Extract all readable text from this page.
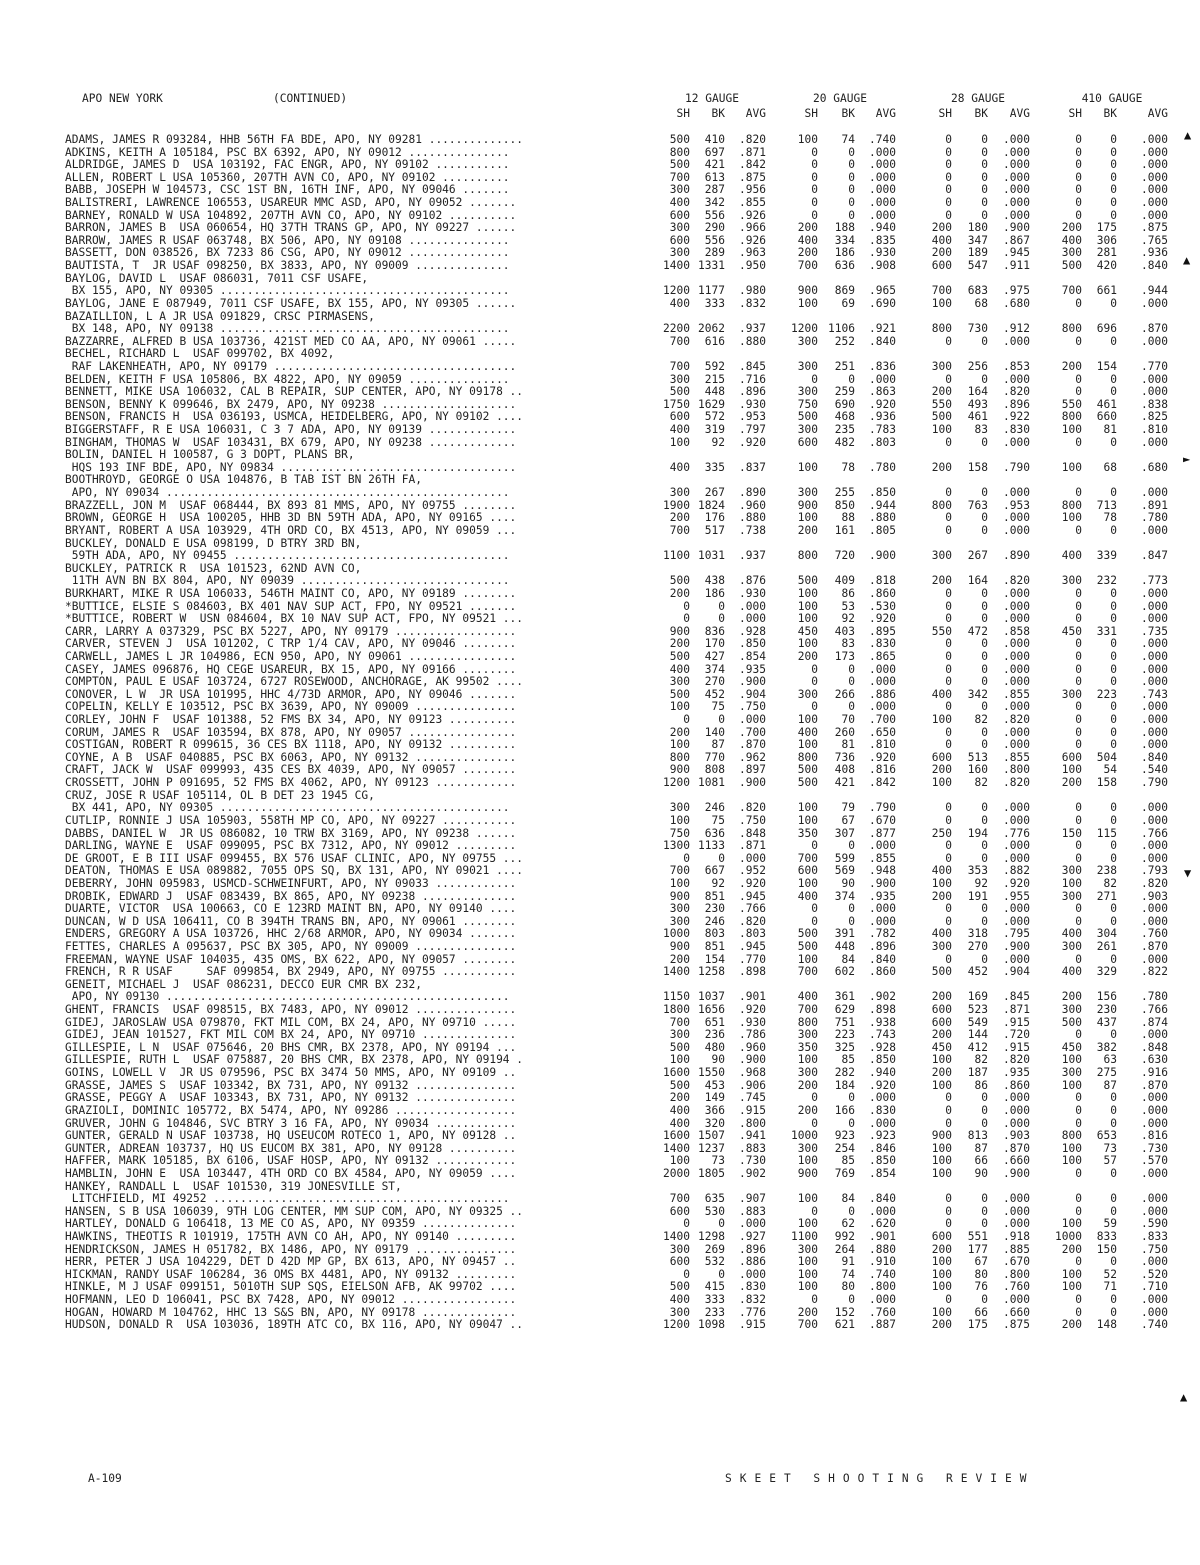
APO NEW YORK	(CONTINUED)	12 GAUGE	20 GAUGE	28 GAUGE	410 GAUGE
SH	BK	AVG	SH	BK	AVG	SH	BK	AVG	SH	BK	AVG
ADAMS, JAMES R 093284, HHB 56TH FA BDE, APO, NY 09281 ..............	500	410	.820	100	74	.740	0	0	.000	0	0	.000
ADKINS, KEITH A 105184, PSC BX 6392, APO, NY 09012 ...............	800	697	.871	0	0	.000	0	0	.000	0	0	.000
ALDRIDGE, JAMES D  USA 103192, FAC ENGR, APO, NY 09102 ...........	500	421	.842	0	0	.000	0	0	.000	0	0	.000
ALLEN, ROBERT L USA 105360, 207TH AVN CO, APO, NY 09102 ..........	700	613	.875	0	0	.000	0	0	.000	0	0	.000
BABB, JOSEPH W 104573, CSC 1ST BN, 16TH INF, APO, NY 09046 .......	300	287	.956	0	0	.000	0	0	.000	0	0	.000
BALISTRERI, LAWRENCE 106553, USAREUR MMC ASD, APO, NY 09052 .......	400	342	.855	0	0	.000	0	0	.000	0	0	.000
BARNEY, RONALD W USA 104892, 207TH AVN CO, APO, NY 09102 ..........	600	556	.926	0	0	.000	0	0	.000	0	0	.000
BARRON, JAMES B  USA 060654, HQ 37TH TRANS GP, APO, NY 09227 ......	300	290	.966	200	188	.940	200	180	.900	200	175	.875
BARROW, JAMES R USAF 063748, BX 506, APO, NY 09108 ...............	600	556	.926	400	334	.835	400	347	.867	400	306	.765
BASSETT, DON 038526, BX 7233 86 CSG, APO, NY 09012 ...............	300	289	.963	200	186	.930	200	189	.945	300	281	.936
BAUTISTA, T  JR USAF 098250, BX 3833, APO, NY 09009 ..............	1400 1331	.950	700	636	.908	600	547	.911	500	420	.840
BAYLOG, DAVID L  USAF 086031, 7011 CSF USAFE,
BX 155, APO, NY 09305 ...........................................	1200 1177	.980	900	869	.965	700	683	.975	700	661	.944
BAYLOG, JANE E 087949, 7011 CSF USAFE, BX 155, APO, NY 09305 ......	400	333	.832	100	69	.690	100	68	.680	0	0	.000
BAZAILLION, L A JR USA 091829, CRSC PIRMASENS,
BX 148, APO, NY 09138 ...........................................	2200 2062	.937	1200 1106	.921	800	730	.912	800	696	.870
BAZZARRE, ALFRED B USA 103736, 421ST MED CO AA, APO, NY 09061 .....	700	616	.880	300	252	.840	0	0	.000	0	0	.000
BECHEL, RICHARD L  USAF 099702, BX 4092,
RAF LAKENHEATH, APO, NY 09179 ....................................	700	592	.845	300	251	.836	300	256	.853	200	154	.770
BELDEN, KEITH F USA 105806, BX 4822, APO, NY 09059 ...............	300	215	.716	0	0	.000	0	0	.000	0	0	.000
BENNETT, MIKE USA 106032, CAL B REPAIR, SUP CENTER, APO, NY 09178 ..	500	448	.896	300	259	.863	200	164	.820	0	0	.000
BENSON, BENNY K 099646, BX 2479, APO, NY 09238 ....................	1750 1629	.930	750	690	.920	550	493	.896	550	461	.838
BENSON, FRANCIS H  USA 036193, USMCA, HEIDELBERG, APO, NY 09102 ....	600	572	.953	500	468	.936	500	461	.922	800	660	.825
BIGGERSTAFF, R E USA 106031, C 3 7 ADA, APO, NY 09139 .............	400	319	.797	300	235	.783	100	83	.830	100	81	.810
BINGHAM, THOMAS W  USAF 103431, BX 679, APO, NY 09238 .............	100	92	.920	600	482	.803	0	0	.000	0	0	.000
BOLIN, DANIEL H 100587, G 3 DOPT, PLANS BR,
HQS 193 INF BDE, APO, NY 09834 ...................................	400	335	.837	100	78	.780	200	158	.790	100	68	.680
BOOTHROYD, GEORGE O USA 104876, B TAB IST BN 26TH FA,
APO, NY 09034 ...................................................	300	267	.890	300	255	.850	0	0	.000	0	0	.000
BRAZZELL, JON M  USAF 068444, BX 893 81 MMS, APO, NY 09755 ........	1900 1824	.960	900	850	.944	800	763	.953	800	713	.891
BROWN, GEORGE H  USA 100205, HHB 3D BN 59TH ADA, APO, NY 09165 ....	200	176	.880	100	88	.880	0	0	.000	100	78	.780
BRYANT, ROBERT A USA 103929, 4TH ORD CO, BX 4513, APO, NY 09059 ...	700	517	.738	200	161	.805	0	0	.000	0	0	.000
BUCKLEY, DONALD E USA 098199, D BTRY 3RD BN,
59TH ADA, APO, NY 09455 .........................................	1100 1031	.937	800	720	.900	300	267	.890	400	339	.847
BUCKLEY, PATRICK R  USA 101523, 62ND AVN CO,
11TH AVN BN BX 804, APO, NY 09039 ...............................	500	438	.876	500	409	.818	200	164	.820	300	232	.773
BURKHART, MIKE R USA 106033, 546TH MAINT CO, APO, NY 09189 ........	200	186	.930	100	86	.860	0	0	.000	0	0	.000
*BUTTICE, ELSIE S 084603, BX 401 NAV SUP ACT, FPO, NY 09521 .......	0	0	.000	100	53	.530	0	0	.000	0	0	.000
*BUTTICE, ROBERT W  USN 084604, BX 10 NAV SUP ACT, FPO, NY 09521 ...	0	0	.000	100	92	.920	0	0	.000	0	0	.000
CARR, LARRY A 037329, PSC BX 5227, APO, NY 09179 ..................	900	836	.928	450	403	.895	550	472	.858	450	331	.735
CARVER, STEVEN J  USA 101202, C TRP 1/4 CAV, APO, NY 09046 ........	200	170	.850	100	83	.830	0	0	.000	0	0	.000
CARWELL, JAMES L JR 104986, ECN 950, APO, NY 09061 ................	500	427	.854	200	173	.865	0	0	.000	0	0	.000
CASEY, JAMES 096876, HQ CEGE USAREUR, BX 15, APO, NY 09166 ........	400	374	.935	0	0	.000	0	0	.000	0	0	.000
COMPTON, PAUL E USAF 103724, 6727 ROSEWOOD, ANCHORAGE, AK 99502 ....	300	270	.900	0	0	.000	0	0	.000	0	0	.000
CONOVER, L W  JR USA 101995, HHC 4/73D ARMOR, APO, NY 09046 .......	500	452	.904	300	266	.886	400	342	.855	300	223	.743
COPELIN, KELLY E 103512, PSC BX 3639, APO, NY 09009 ...............	100	75	.750	0	0	.000	0	0	.000	0	0	.000
CORLEY, JOHN F  USAF 101388, 52 FMS BX 34, APO, NY 09123 ..........	0	0	.000	100	70	.700	100	82	.820	0	0	.000
CORUM, JAMES R  USAF 103594, BX 878, APO, NY 09057 ................	200	140	.700	400	260	.650	0	0	.000	0	0	.000
COSTIGAN, ROBERT R 099615, 36 CES BX 1118, APO, NY 09132 ..........	100	87	.870	100	81	.810	0	0	.000	0	0	.000
COYNE, A B  USAF 040885, PSC BX 6063, APO, NY 09132 ...............	800	770	.962	800	736	.920	600	513	.855	600	504	.840
CRAFT, JACK W  USAF 099993, 435 CES BX 4039, APO, NY 09057 ........	900	808	.897	500	408	.816	200	160	.800	100	54	.540
CROSSETT, JOHN P 091695, 52 FMS BX 4062, APO, NY 09123 ............	1200 1081	.900	500	421	.842	100	82	.820	200	158	.790
CRUZ, JOSE R USAF 105114, OL B DET 23 1945 CG,
BX 441, APO, NY 09305 ...........................................	300	246	.820	100	79	.790	0	0	.000	0	0	.000
CUTLIP, RONNIE J USA 105903, 558TH MP CO, APO, NY 09227 ...........	100	75	.750	100	67	.670	0	0	.000	0	0	.000
DABBS, DANIEL W  JR US 086082, 10 TRW BX 3169, APO, NY 09238 ......	750	636	.848	350	307	.877	250	194	.776	150	115	.766
DARLING, WAYNE E  USAF 099095, PSC BX 7312, APO, NY 09012 .........	1300 1133	.871	0	0	.000	0	0	.000	0	0	.000
DE GROOT, E B III USAF 099455, BX 576 USAF CLINIC, APO, NY 09755 ...	0	0	.000	700	599	.855	0	0	.000	0	0	.000
DEATON, THOMAS E USA 089882, 7055 OPS SQ, BX 131, APO, NY 09021 ....	700	667	.952	600	569	.948	400	353	.882	300	238	.793
DEBERRY, JOHN 095983, USMCD-SCHWEINFURT, APO, NY 09033 ............	100	92	.920	100	90	.900	100	92	.920	100	82	.820
DROBIK, EDWARD J  USAF 083439, BX 865, APO, NY 09238 ..............	900	851	.945	400	374	.935	200	191	.955	300	271	.903
DUARTE, VICTOR  USA 100663, CO E 123RD MAINT BN, APO, NY 09140 ....	300	230	.766	0	0	.000	0	0	.000	0	0	.000
DUNCAN, W D USA 106411, CO B 394TH TRANS BN, APO, NY 09061 ........	300	246	.820	0	0	.000	0	0	.000	0	0	.000
ENDERS, GREGORY A USA 103726, HHC 2/68 ARMOR, APO, NY 09034 .......	1000	803	.803	500	391	.782	400	318	.795	400	304	.760
FETTES, CHARLES A 095637, PSC BX 305, APO, NY 09009 ...............	900	851	.945	500	448	.896	300	270	.900	300	261	.870
FREEMAN, WAYNE USAF 104035, 435 OMS, BX 622, APO, NY 09057 ........	200	154	.770	100	84	.840	0	0	.000	0	0	.000
FRENCH, R R USAF     SAF 099854, BX 2949, APO, NY 09755 ...........	1400 1258	.898	700	602	.860	500	452	.904	400	329	.822
GENEIT, MICHAEL J  USAF 086231, DECCO EUR CMR BX 232,
APO, NY 09130 ...................................................	1150 1037	.901	400	361	.902	200	169	.845	200	156	.780
GHENT, FRANCIS  USAF 098515, BX 7483, APO, NY 09012 ...............	1800 1656	.920	700	629	.898	600	523	.871	300	230	.766
GIDEJ, JAROSLAW USA 079870, FKT MIL COM, BX 24, APO, NY 09710 .....	700	651	.930	800	751	.938	600	549	.915	500	437	.874
GIDEJ, JEAN 101527, FKT MIL COM BX 24, APO, NY 09710 ..............	300	236	.786	300	223	.743	200	144	.720	0	0	.000
GILLESPIE, L N  USAF 075646, 20 BHS CMR, BX 2378, APO, NY 09194 ...	500	480	.960	350	325	.928	450	412	.915	450	382	.848
GILLESPIE, RUTH L  USAF 075887, 20 BHS CMR, BX 2378, APO, NY 09194 .	100	90	.900	100	85	.850	100	82	.820	100	63	.630
GOINS, LOWELL V  JR US 079596, PSC BX 3474 50 MMS, APO, NY 09109 ..	1600 1550	.968	300	282	.940	200	187	.935	300	275	.916
GRASSE, JAMES S  USAF 103342, BX 731, APO, NY 09132 ...............	500	453	.906	200	184	.920	100	86	.860	100	87	.870
GRASSE, PEGGY A  USAF 103343, BX 731, APO, NY 09132 ...............	200	149	.745	0	0	.000	0	0	.000	0	0	.000
GRAZIOLI, DOMINIC 105772, BX 5474, APO, NY 09286 ..................	400	366	.915	200	166	.830	0	0	.000	0	0	.000
GRUVER, JOHN G 104846, SVC BTRY 3 16 FA, APO, NY 09034 ............	400	320	.800	0	0	.000	0	0	.000	0	0	.000
GUNTER, GERALD N USAF 103738, HQ USEUCOM ROTECO 1, APO, NY 09128 ..	1600 1507	.941	1000	923	.923	900	813	.903	800	653	.816
GUNTER, ADREAN 103737, HQ US EUCOM BX 381, APO, NY 09128 ..........	1400 1237	.883	300	254	.846	100	87	.870	100	73	.730
HAFFER, MARK 105185, BX 6106, USAF HOSP, APO, NY 09132 ............	100	73	.730	100	85	.850	100	66	.660	100	57	.570
HAMBLIN, JOHN E  USA 103447, 4TH ORD CO BX 4584, APO, NY 09059 ....	2000 1805	.902	900	769	.854	100	90	.900	0	0	.000
HANKEY, RANDALL L  USAF 101530, 319 JONESVILLE ST,
LITCHFIELD, MI 49252 ............................................	700	635	.907	100	84	.840	0	0	.000	0	0	.000
HANSEN, S B USA 106039, 9TH LOG CENTER, MM SUP COM, APO, NY 09325 ..	600	530	.883	0	0	.000	0	0	.000	0	0	.000
HARTLEY, DONALD G 106418, 13 ME CO AS, APO, NY 09359 ..............	0	0	.000	100	62	.620	0	0	.000	100	59	.590
HAWKINS, THEOTIS R 101919, 175TH AVN CO AH, APO, NY 09140 .........	1400 1298	.927	1100	992	.901	600	551	.918	1000	833	.833
HENDRICKSON, JAMES H 051782, BX 1486, APO, NY 09179 ...............	300	269	.896	300	264	.880	200	177	.885	200	150	.750
HERR, PETER J USA 104229, DET D 42D MP GP, BX 613, APO, NY 09457 ..	600	532	.886	100	91	.910	100	67	.670	0	0	.000
HICKMAN, RANDY USAF 106284, 36 OMS BX 4481, APO, NY 09132 .........	0	0	.000	100	74	.740	100	80	.800	100	52	.520
HINKLE, M J USAF 099151, 5010TH SUP SQS, EIELSON AFB, AK 99702 ....	500	415	.830	100	80	.800	100	76	.760	100	71	.710
HOFMANN, LEO D 106041, PSC BX 7428, APO, NY 09012 .................	400	333	.832	0	0	.000	0	0	.000	0	0	.000
HOGAN, HOWARD M 104762, HHC 13 S&S BN, APO, NY 09178 ..............	300	233	.776	200	152	.760	100	66	.660	0	0	.000
HUDSON, DONALD R  USA 103036, 189TH ATC CO, BX 116, APO, NY 09047 ..	1200 1098	.915	700	621	.887	200	175	.875	200	148	.740
A-109	SKEET SHOOTING REVIEW
▲
▲
►
▼
▲
